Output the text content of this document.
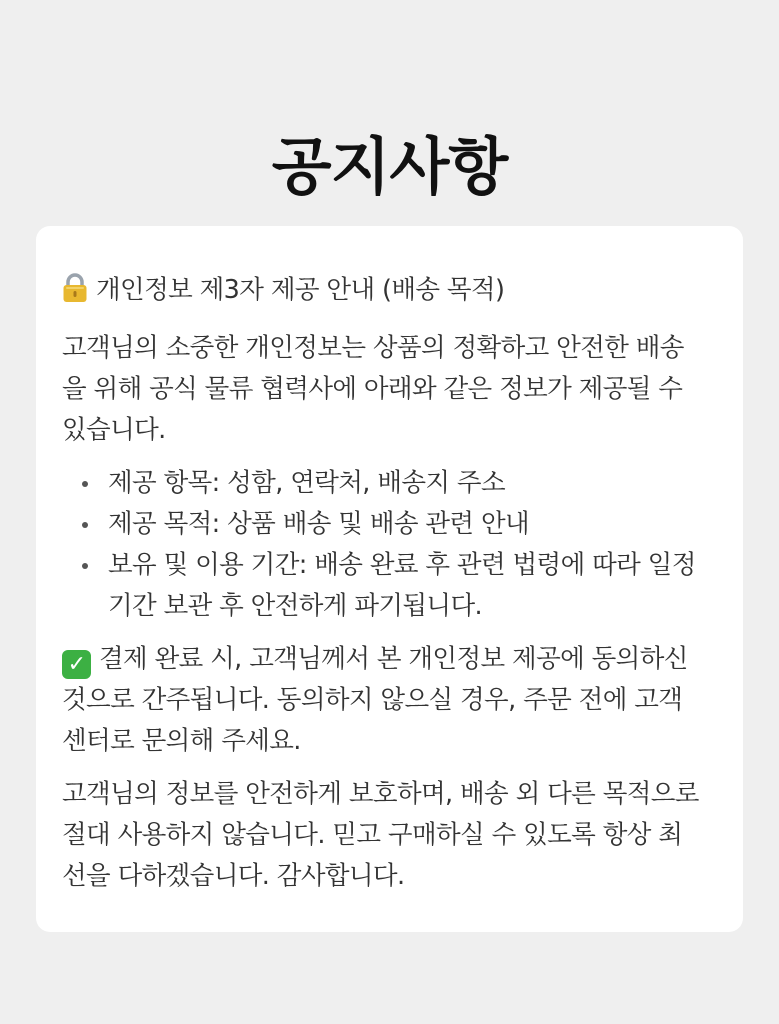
공지사항
개인정보 제3자 제공 안내 (배송 목적)
고객님의 소중한 개인정보는 상품의 정확하고 안전한 배송
을 위해 공식 물류 협력사에 아래와 같은 정보가 제공될 수
있습니다.
제공 항목: 성함, 연락처, 배송지 주소
제공 목적: 상품 배송 및 배송 관련 안내
보유 및 이용 기간: 배송 완료 후 관련 법령에 따라 일정
기간 보관 후 안전하게 파기됩니다.
✓ 결제 완료 시, 고객님께서 본 개인정보 제공에 동의하신
것으로 간주됩니다. 동의하지 않으실 경우, 주문 전에 고객
센터로 문의해 주세요.
고객님의 정보를 안전하게 보호하며, 배송 외 다른 목적으로
절대 사용하지 않습니다. 믿고 구매하실 수 있도록 항상 최
선을 다하겠습니다. 감사합니다.
